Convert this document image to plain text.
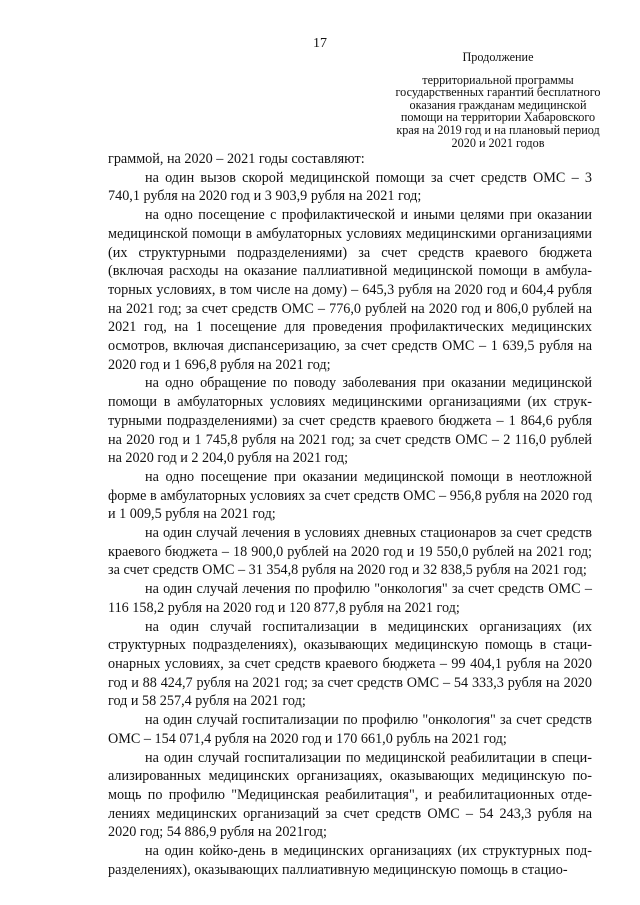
17
Продолжение
территориальной программы
государственных гарантий бесплатного
оказания гражданам медицинской
помощи на территории Хабаровского
края на 2019 год и на плановый период
2020 и 2021 годов

граммой, на 2020 – 2021 годы составляют:

на один вызов скорой медицинской помощи за счет средств ОМС – 3 740,1 рубля на 2020 год и 3 903,9 рубля на 2021 год;

на одно посещение с профилактической и иными целями при оказании медицинской помощи в амбулаторных условиях медицинскими организациями (их структурными подразделениями) за счет средств краевого бюджета (включая расходы на оказание паллиативной медицинской помощи в амбулаторных условиях, в том числе на дому) – 645,3 рубля на 2020 год и 604,4 рубля на 2021 год; за счет средств ОМС – 776,0 рублей на 2020 год и 806,0 рублей на 2021 год, на 1 посещение для проведения профилактических медицинских осмотров, включая диспансеризацию, за счет средств ОМС – 1 639,5 рубля на 2020 год и 1 696,8 рубля на 2021 год;

на одно обращение по поводу заболевания при оказании медицинской помощи в амбулаторных условиях медицинскими организациями (их структурными подразделениями) за счет средств краевого бюджета – 1 864,6 рубля на 2020 год и 1 745,8 рубля на 2021 год; за счет средств ОМС – 2 116,0 рублей на 2020 год и 2 204,0 рубля на 2021 год;

на одно посещение при оказании медицинской помощи в неотложной форме в амбулаторных условиях за счет средств ОМС – 956,8 рубля на 2020 год и 1 009,5 рубля на 2021 год;

на один случай лечения в условиях дневных стационаров за счет средств краевого бюджета – 18 900,0 рублей на 2020 год и 19 550,0 рублей на 2021 год; за счет средств ОМС – 31 354,8 рубля на 2020 год и 32 838,5 рубля на 2021 год;

на один случай лечения по профилю "онкология" за счет средств ОМС – 116 158,2 рубля на 2020 год и 120 877,8 рубля на 2021 год;

на один случай госпитализации в медицинских организациях (их структурных подразделениях), оказывающих медицинскую помощь в стационарных условиях, за счет средств краевого бюджета – 99 404,1 рубля на 2020 год и 88 424,7 рубля на 2021 год; за счет средств ОМС – 54 333,3 рубля на 2020 год и 58 257,4 рубля на 2021 год;

на один случай госпитализации по профилю "онкология" за счет средств ОМС – 154 071,4 рубля на 2020 год и 170 661,0 рубль на 2021 год;

на один случай госпитализации по медицинской реабилитации в специализированных медицинских организациях, оказывающих медицинскую помощь по профилю "Медицинская реабилитация", и реабилитационных отделениях медицинских организаций за счет средств ОМС – 54 243,3 рубля на 2020 год; 54 886,9 рубля на 2021год;

на один койко-день в медицинских организациях (их структурных подразделениях), оказывающих паллиативную медицинскую помощь в стацио-
